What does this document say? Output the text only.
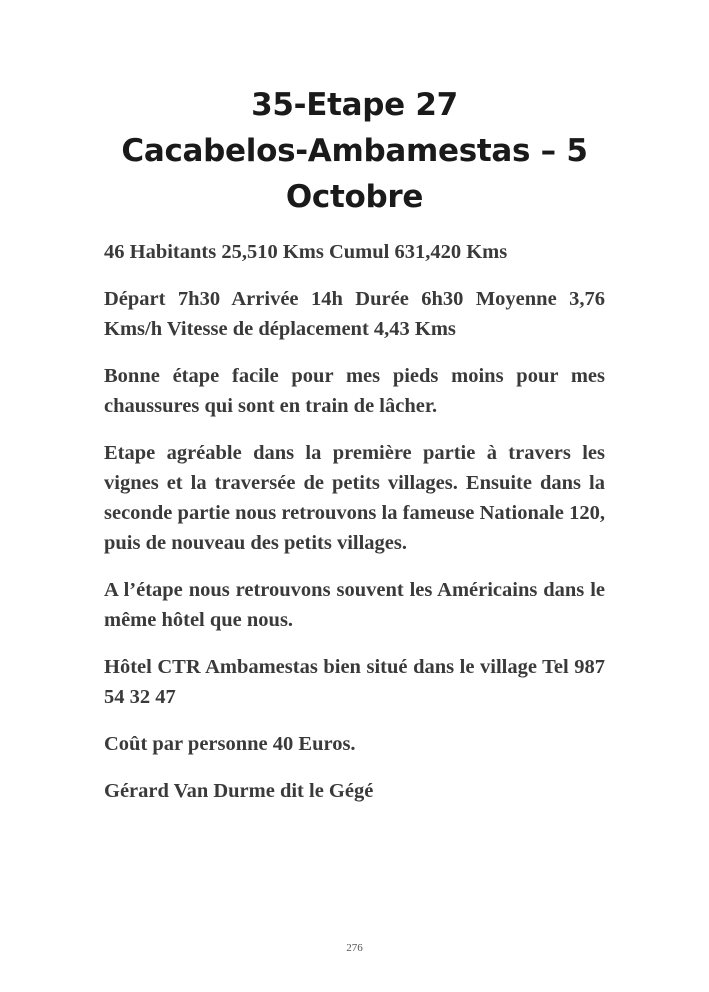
35-Etape 27
Cacabelos-Ambamestas – 5
Octobre

46 Habitants 25,510 Kms Cumul 631,420 Kms

Départ 7h30 Arrivée 14h Durée 6h30 Moyenne 3,76 Kms/h Vitesse de déplacement 4,43 Kms

Bonne étape facile pour mes pieds moins pour mes chaussures qui sont en train de lâcher.

Etape agréable dans la première partie à travers les vignes et la traversée de petits villages. Ensuite dans la seconde partie nous retrouvons la fameuse Nationale 120, puis de nouveau des petits villages.

A l’étape nous retrouvons souvent les Américains dans le même hôtel que nous.

Hôtel CTR Ambamestas bien situé dans le village Tel 987 54 32 47

Coût par personne 40 Euros.

Gérard Van Durme dit le Gégé

276
